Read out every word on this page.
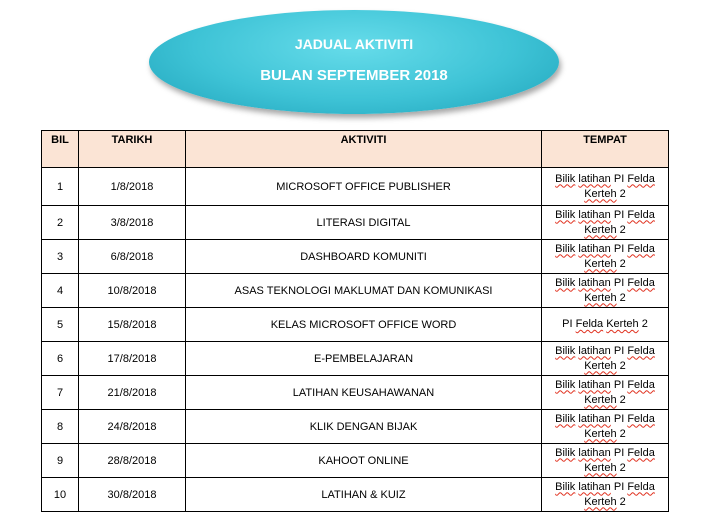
JADUAL AKTIVITI
BULAN SEPTEMBER 2018
BIL	TARIKH	AKTIVITI	TEMPAT
1	1/8/2018	MICROSOFT OFFICE PUBLISHER	Bilik latihan PI Felda Kerteh 2
2	3/8/2018	LITERASI DIGITAL	Bilik latihan PI Felda Kerteh 2
3	6/8/2018	DASHBOARD KOMUNITI	Bilik latihan PI Felda Kerteh 2
4	10/8/2018	ASAS TEKNOLOGI MAKLUMAT DAN KOMUNIKASI	Bilik latihan PI Felda Kerteh 2
5	15/8/2018	KELAS MICROSOFT OFFICE WORD	PI Felda Kerteh 2
6	17/8/2018	E-PEMBELAJARAN	Bilik latihan PI Felda Kerteh 2
7	21/8/2018	LATIHAN KEUSAHAWANAN	Bilik latihan PI Felda Kerteh 2
8	24/8/2018	KLIK DENGAN BIJAK	Bilik latihan PI Felda Kerteh 2
9	28/8/2018	KAHOOT ONLINE	Bilik latihan PI Felda Kerteh 2
10	30/8/2018	LATIHAN & KUIZ	Bilik latihan PI Felda Kerteh 2
